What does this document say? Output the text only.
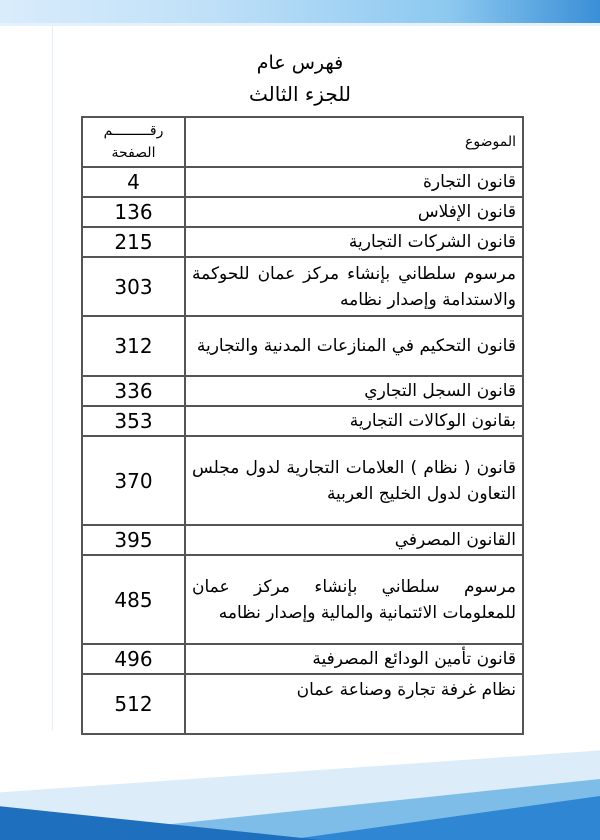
فهرس عام
للجزء الثالث
الموضوع	رقـــــــــم
الصفحة

قانون التجارة	4
قانون الإفلاس	136
قانون الشركات التجارية	215
مرسوم سلطاني بإنشاء مركز عمان للحوكمة والاستدامة وإصدار نظامه	303
قانون التحكيم في المنازعات المدنية والتجارية	312
قانون السجل التجاري	336
بقانون الوكالات التجارية	353
قانون ( نظام ) العلامات التجارية لدول مجلس التعاون لدول الخليج العربية	370
القانون المصرفي	395
مرسوم سلطاني بإنشاء مركز عمان للمعلومات الائتمانية والمالية وإصدار نظامه	485
قانون تأمين الودائع المصرفية	496
نظام غرفة تجارة وصناعة عمان	512
